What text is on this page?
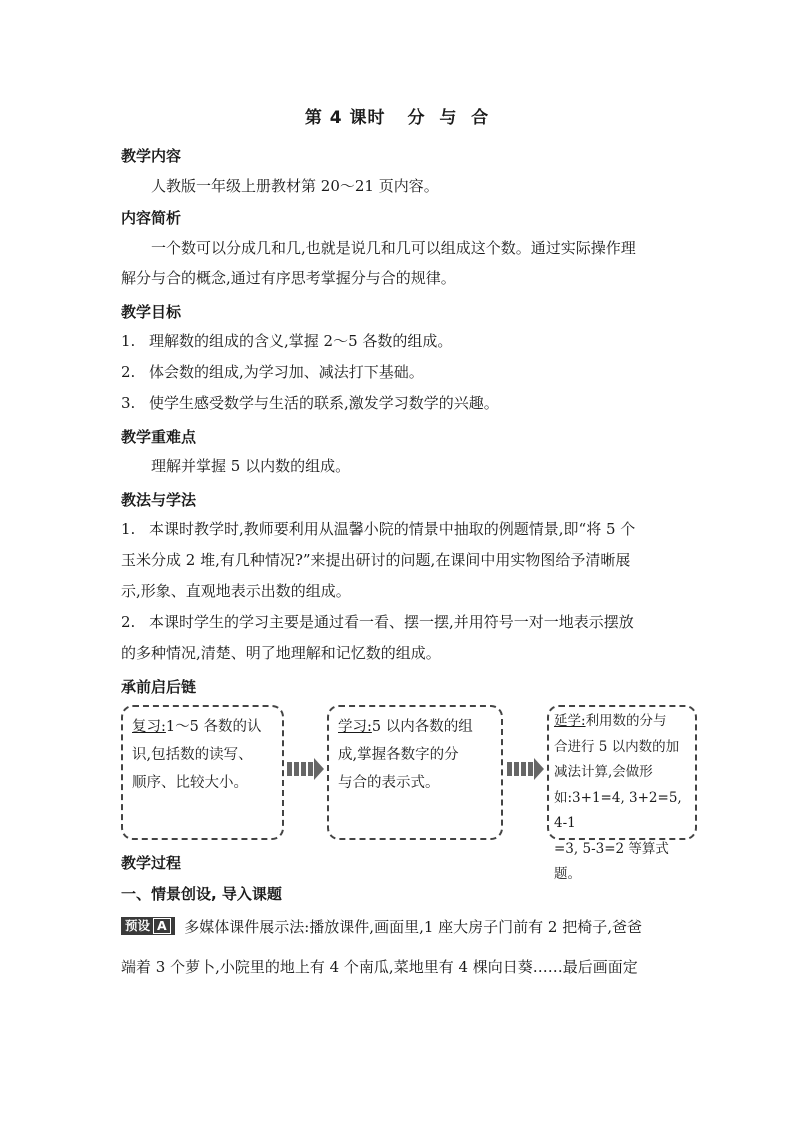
第 4 课时 分  与  合
教学内容
人教版一年级上册教材第 20～21 页内容。
内容简析
一个数可以分成几和几,也就是说几和几可以组成这个数。通过实际操作理
解分与合的概念,通过有序思考掌握分与合的规律。
教学目标
1. 理解数的组成的含义,掌握 2～5 各数的组成。
2. 体会数的组成,为学习加、减法打下基础。
3. 使学生感受数学与生活的联系,激发学习数学的兴趣。
教学重难点
理解并掌握 5 以内数的组成。
教法与学法
1. 本课时教学时,教师要利用从温馨小院的情景中抽取的例题情景,即“将 5 个
玉米分成 2 堆,有几种情况?”来提出研讨的问题,在课间中用实物图给予清晰展
示,形象、直观地表示出数的组成。
2. 本课时学生的学习主要是通过看一看、摆一摆,并用符号一对一地表示摆放
的多种情况,清楚、明了地理解和记忆数的组成。
承前启后链
复习:1～5 各数的认
识,包括数的读写、
顺序、比较大小。
学习:5 以内各数的组
成,掌握各数字的分
与合的表示式。
延学:利用数的分与
合进行 5 以内数的加
减法计算,会做形
如:3+1=4, 3+2=5, 4-1
=3, 5-3=2 等算式题。
教学过程
一、情景创设, 导入课题
预设 A 多媒体课件展示法:播放课件,画面里,1 座大房子门前有 2 把椅子,爸爸
端着 3 个萝卜,小院里的地上有 4 个南瓜,菜地里有 4 棵向日葵……最后画面定
